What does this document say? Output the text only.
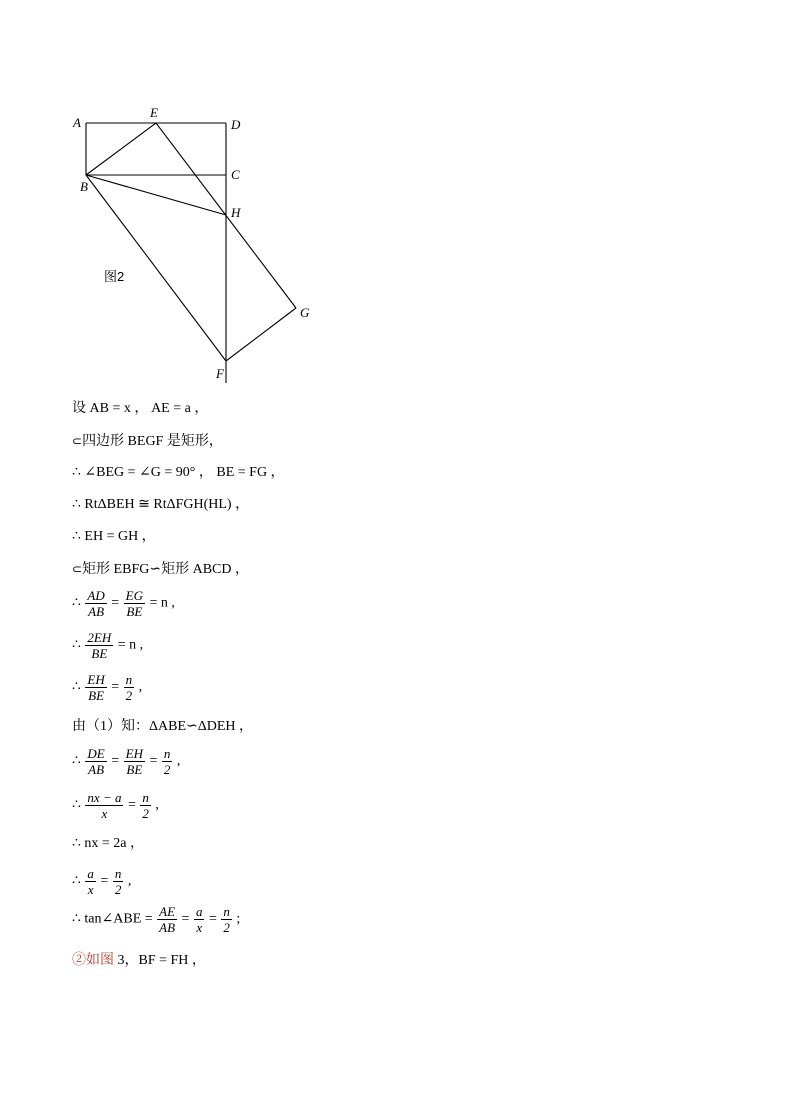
A
E
D
C
B
H
G
F
图2
设 AB = x ， AE = a ，
⊂四边形 BEGF 是矩形，
∴ ∠BEG = ∠G = 90° ， BE = FG ，
∴ RtΔBEH ≅ RtΔFGH(HL) ，
∴ EH = GH ，
⊂矩形 EBFG∽矩形 ABCD ，
∴ $\frac{AD}{AB} = \frac{EG}{BE} = n$ ,
∴ $\frac{2EH}{BE} = n$ ,
∴ $\frac{EH}{BE} = \frac{n}{2}$ ,
由（1）知：ΔABE∽ΔDEH ，
∴ $\frac{DE}{AB} = \frac{EH}{BE} = \frac{n}{2}$ ,
∴ $\frac{nx - a}{x} = \frac{n}{2}$ ,
∴ nx = 2a ，
∴ $\frac{a}{x} = \frac{n}{2}$ ,
∴ tan∠ABE = $\frac{AE}{AB} = \frac{a}{x} = \frac{n}{2}$ ;
②如图 3，BF = FH ，
